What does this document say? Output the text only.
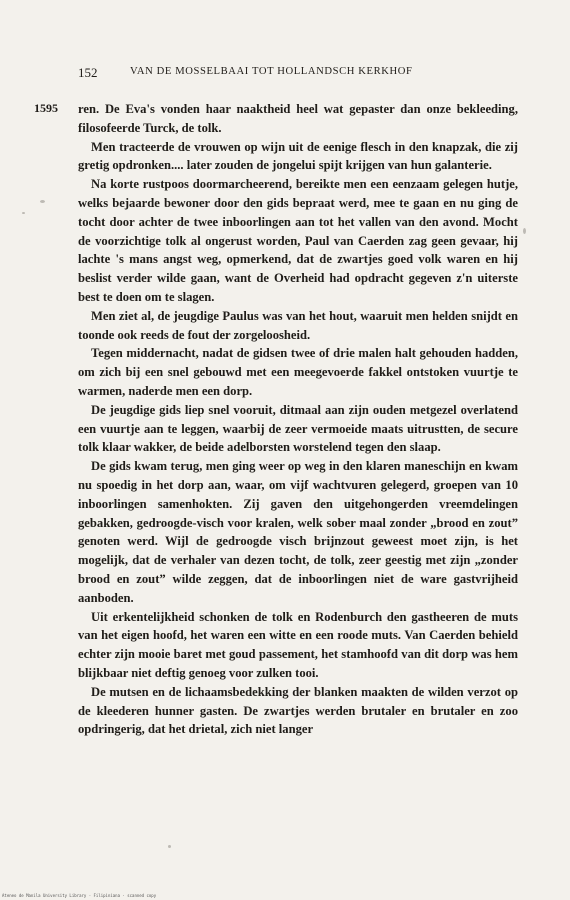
152	VAN DE MOSSELBAAI TOT HOLLANDSCH KERKHOF
1595 ren. De Eva's vonden haar naaktheid heel wat gepaster dan onze bekleeding, filosofeerde Turck, de tolk.

Men tracteerde de vrouwen op wijn uit de eenige flesch in den knapzak, die zij gretig opdronken.... later zouden de jongelui spijt krijgen van hun galanterie.

Na korte rustpoos doormarcheerend, bereikte men een eenzaam gelegen hutje, welks bejaarde bewoner door den gids bepraat werd, mee te gaan en nu ging de tocht door achter de twee inboorlingen aan tot het vallen van den avond. Mocht de voorzichtige tolk al ongerust worden, Paul van Caerden zag geen gevaar, hij lachte 's mans angst weg, opmerkend, dat de zwartjes goed volk waren en hij beslist verder wilde gaan, want de Overheid had opdracht gegeven z'n uiterste best te doen om te slagen.

Men ziet al, de jeugdige Paulus was van het hout, waaruit men helden snijdt en toonde ook reeds de fout der zorgeloosheid.

Tegen middernacht, nadat de gidsen twee of drie malen halt gehouden hadden, om zich bij een snel gebouwd met een meegevoerde fakkel ontstoken vuurtje te warmen, naderde men een dorp.

De jeugdige gids liep snel vooruit, ditmaal aan zijn ouden metgezel overlatend een vuurtje aan te leggen, waarbij de zeer vermoeide maats uitrustten, de secure tolk klaar wakker, de beide adelborsten worstelend tegen den slaap.

De gids kwam terug, men ging weer op weg in den klaren maneschijn en kwam nu spoedig in het dorp aan, waar, om vijf wachtvuren gelegerd, groepen van 10 inboorlingen samenhokten. Zij gaven den uitgehongerden vreemdelingen gebakken, gedroogde-visch voor kralen, welk sober maal zonder „brood en zout” genoten werd. Wijl de gedroogde visch brijnzout geweest moet zijn, is het mogelijk, dat de verhaler van dezen tocht, de tolk, zeer geestig met zijn „zonder brood en zout” wilde zeggen, dat de inboorlingen niet de ware gastvrijheid aanboden.

Uit erkentelijkheid schonken de tolk en Rodenburch den gastheeren de muts van het eigen hoofd, het waren een witte en een roode muts. Van Caerden behield echter zijn mooie baret met goud passement, het stamhoofd van dit dorp was hem blijkbaar niet deftig genoeg voor zulken tooi.

De mutsen en de lichaamsbedekking der blanken maakten de wilden verzot op de kleederen hunner gasten. De zwartjes werden brutaler en brutaler en zoo opdringerig, dat het drietal, zich niet langer

Ateneo de Manila University Library · Filipiniana · scanned copy
